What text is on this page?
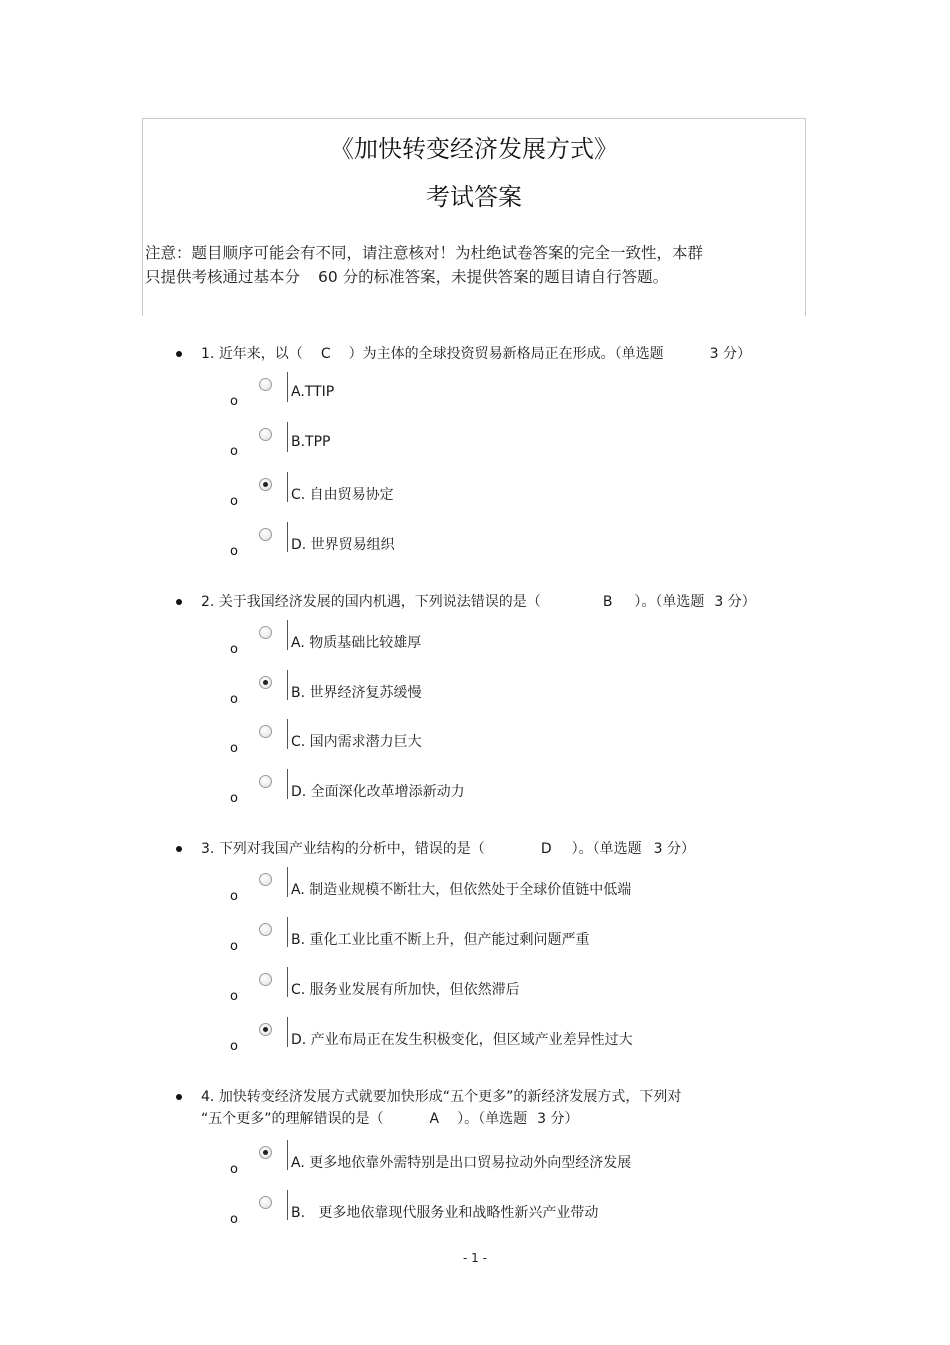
《加快转变经济发展方式》
考试答案
注意：题目顺序可能会有不同，请注意核对！为杜绝试卷答案的完全一致性，本群
只提供考核通过基本分 60 分的标准答案，未提供答案的题目请自行答题。
1. 近年来，以（ C ）为主体的全球投资贸易新格局正在形成。（单选题	3 分）
o
A.TTIP
o
B.TPP
o	C. 自由贸易协定
o	D. 世界贸易组织
2. 关于我国经济发展的国内机遇，下列说法错误的是（	B ）。（单选题 3 分）
o	A. 物质基础比较雄厚
o	B. 世界经济复苏缓慢
o	C. 国内需求潜力巨大
o	D. 全面深化改革增添新动力
3. 下列对我国产业结构的分析中，错误的是（	D ）。（单选题 3 分）
o	A. 制造业规模不断壮大，但依然处于全球价值链中低端
o	B. 重化工业比重不断上升，但产能过剩问题严重
o	C. 服务业发展有所加快，但依然滞后
o	D. 产业布局正在发生积极变化，但区域产业差异性过大
4. 加快转变经济发展方式就要加快形成“五个更多”的新经济发展方式，下列对
“五个更多”的理解错误的是（	A ）。（单选题 3 分）
o	A. 更多地依靠外需特别是出口贸易拉动外向型经济发展
o	B.   更多地依靠现代服务业和战略性新兴产业带动
- 1 -
